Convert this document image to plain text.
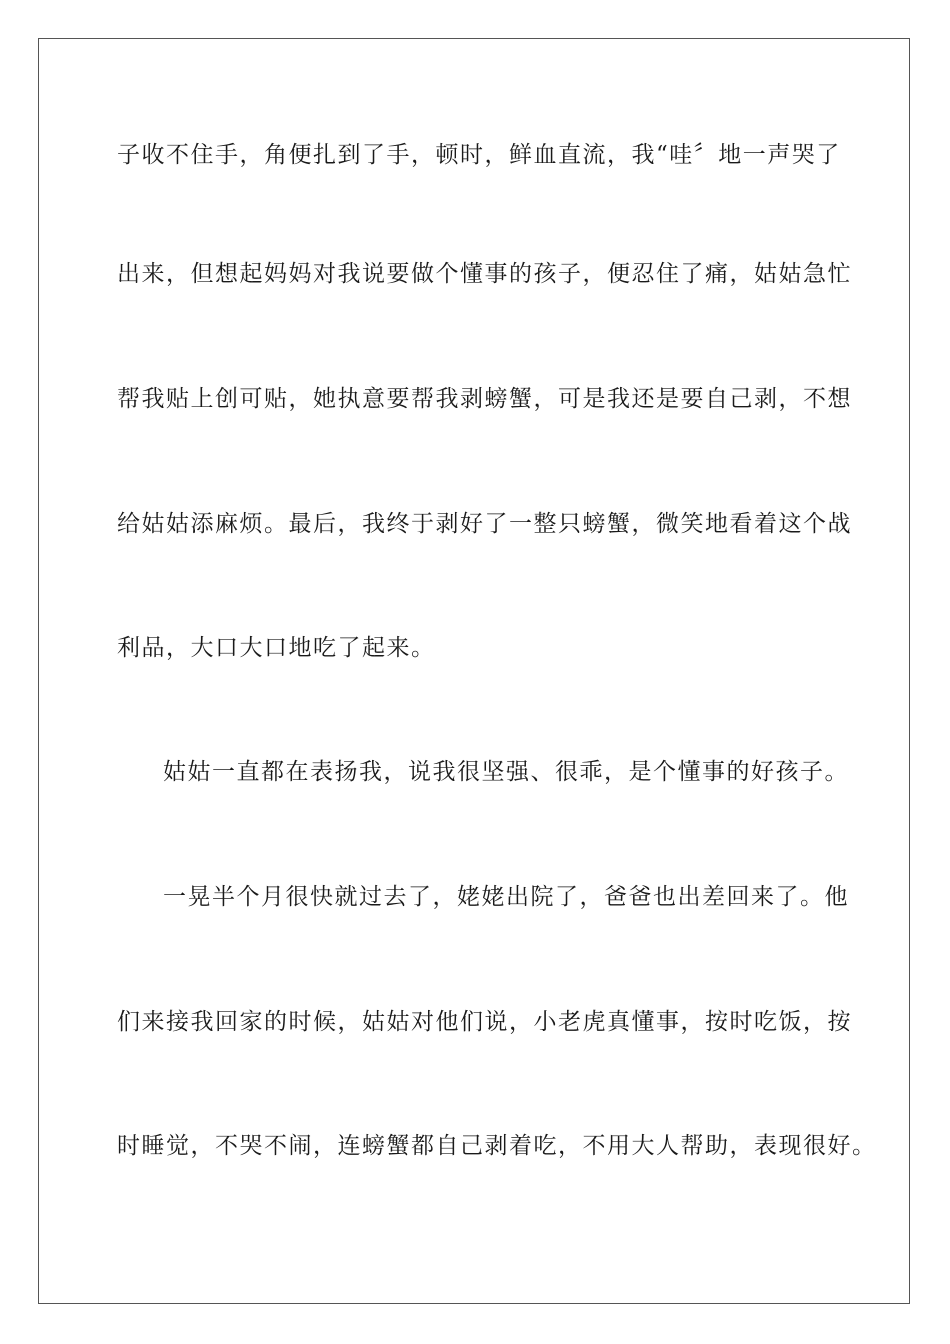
子收不住手，角便扎到了手，顿时，鲜血直流，我“哇〞地一声哭了
出来，但想起妈妈对我说要做个懂事的孩子，便忍住了痛，姑姑急忙
帮我贴上创可贴，她执意要帮我剥螃蟹，可是我还是要自己剥，不想
给姑姑添麻烦。最后，我终于剥好了一整只螃蟹，微笑地看着这个战
利品，大口大口地吃了起来。
姑姑一直都在表扬我，说我很坚强、很乖，是个懂事的好孩子。
一晃半个月很快就过去了，姥姥出院了，爸爸也出差回来了。他
们来接我回家的时候，姑姑对他们说，小老虎真懂事，按时吃饭，按
时睡觉，不哭不闹，连螃蟹都自己剥着吃，不用大人帮助，表现很好。
